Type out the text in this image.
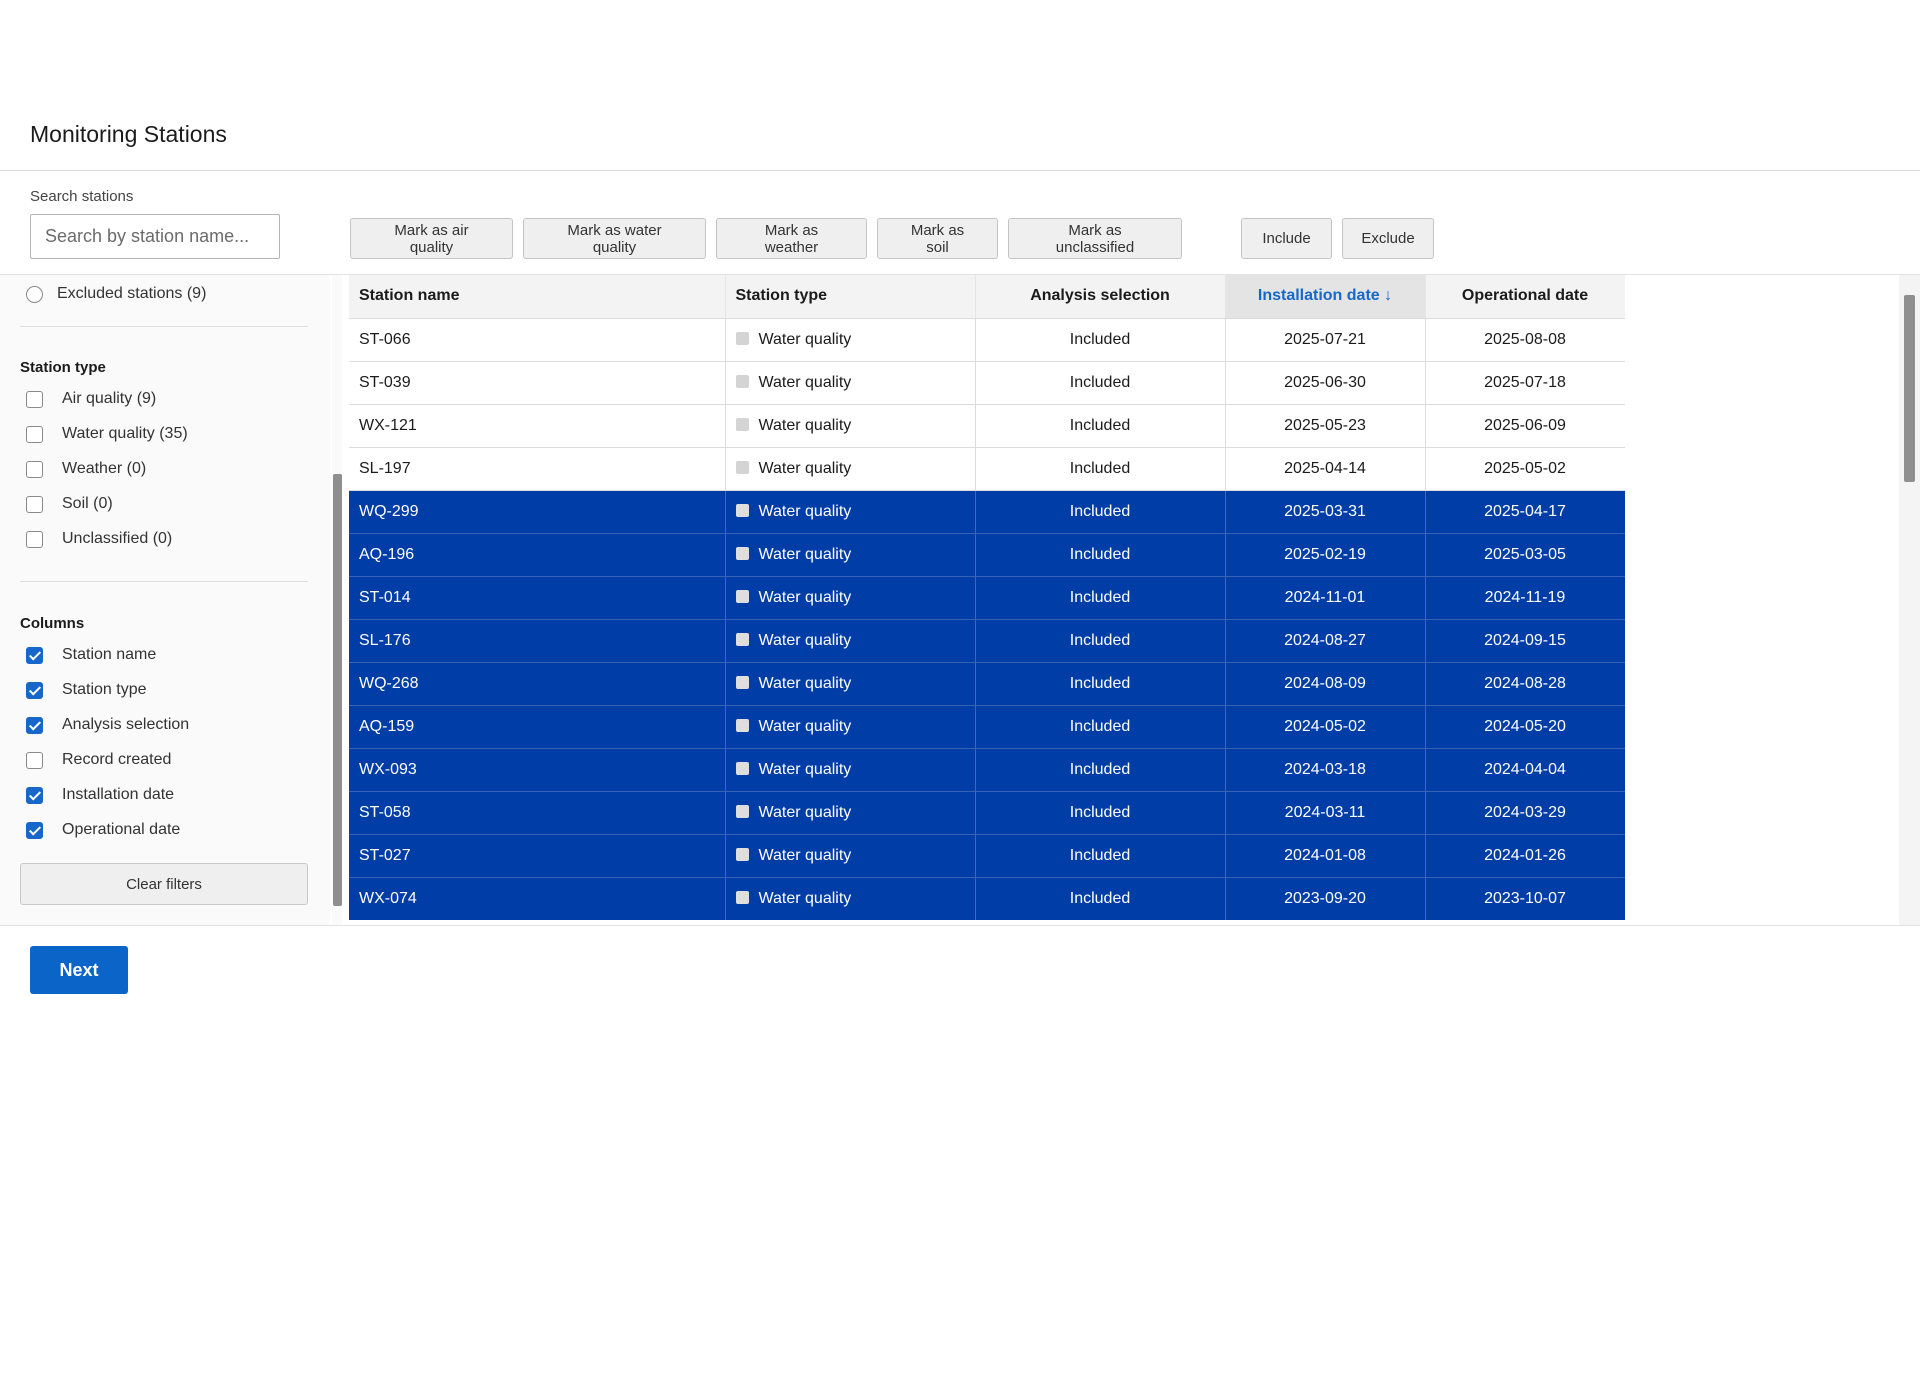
Monitoring Stations
Search stations
Search by station name...
Mark as air quality
Mark as water quality
Mark as weather
Mark as soil
Mark as unclassified	Include	Exclude
Excluded stations (9)
Station type
Air quality (9)
Water quality (35)
Weather (0)
Soil (0)
Unclassified (0)
Columns
Station name
Station type
Analysis selection
Record created
Installation date
Operational date
Clear filters
Station name	Station type	Analysis selection	Installation date ↓	Operational date
ST-066	Water quality	Included	2025-07-21	2025-08-08
ST-039	Water quality	Included	2025-06-30	2025-07-18
WX-121	Water quality	Included	2025-05-23	2025-06-09
SL-197	Water quality	Included	2025-04-14	2025-05-02
WQ-299	Water quality	Included	2025-03-31	2025-04-17
AQ-196	Water quality	Included	2025-02-19	2025-03-05
ST-014	Water quality	Included	2024-11-01	2024-11-19
SL-176	Water quality	Included	2024-08-27	2024-09-15
WQ-268	Water quality	Included	2024-08-09	2024-08-28
AQ-159	Water quality	Included	2024-05-02	2024-05-20
WX-093	Water quality	Included	2024-03-18	2024-04-04
ST-058	Water quality	Included	2024-03-11	2024-03-29
ST-027	Water quality	Included	2024-01-08	2024-01-26
WX-074	Water quality	Included	2023-09-20	2023-10-07
Next
